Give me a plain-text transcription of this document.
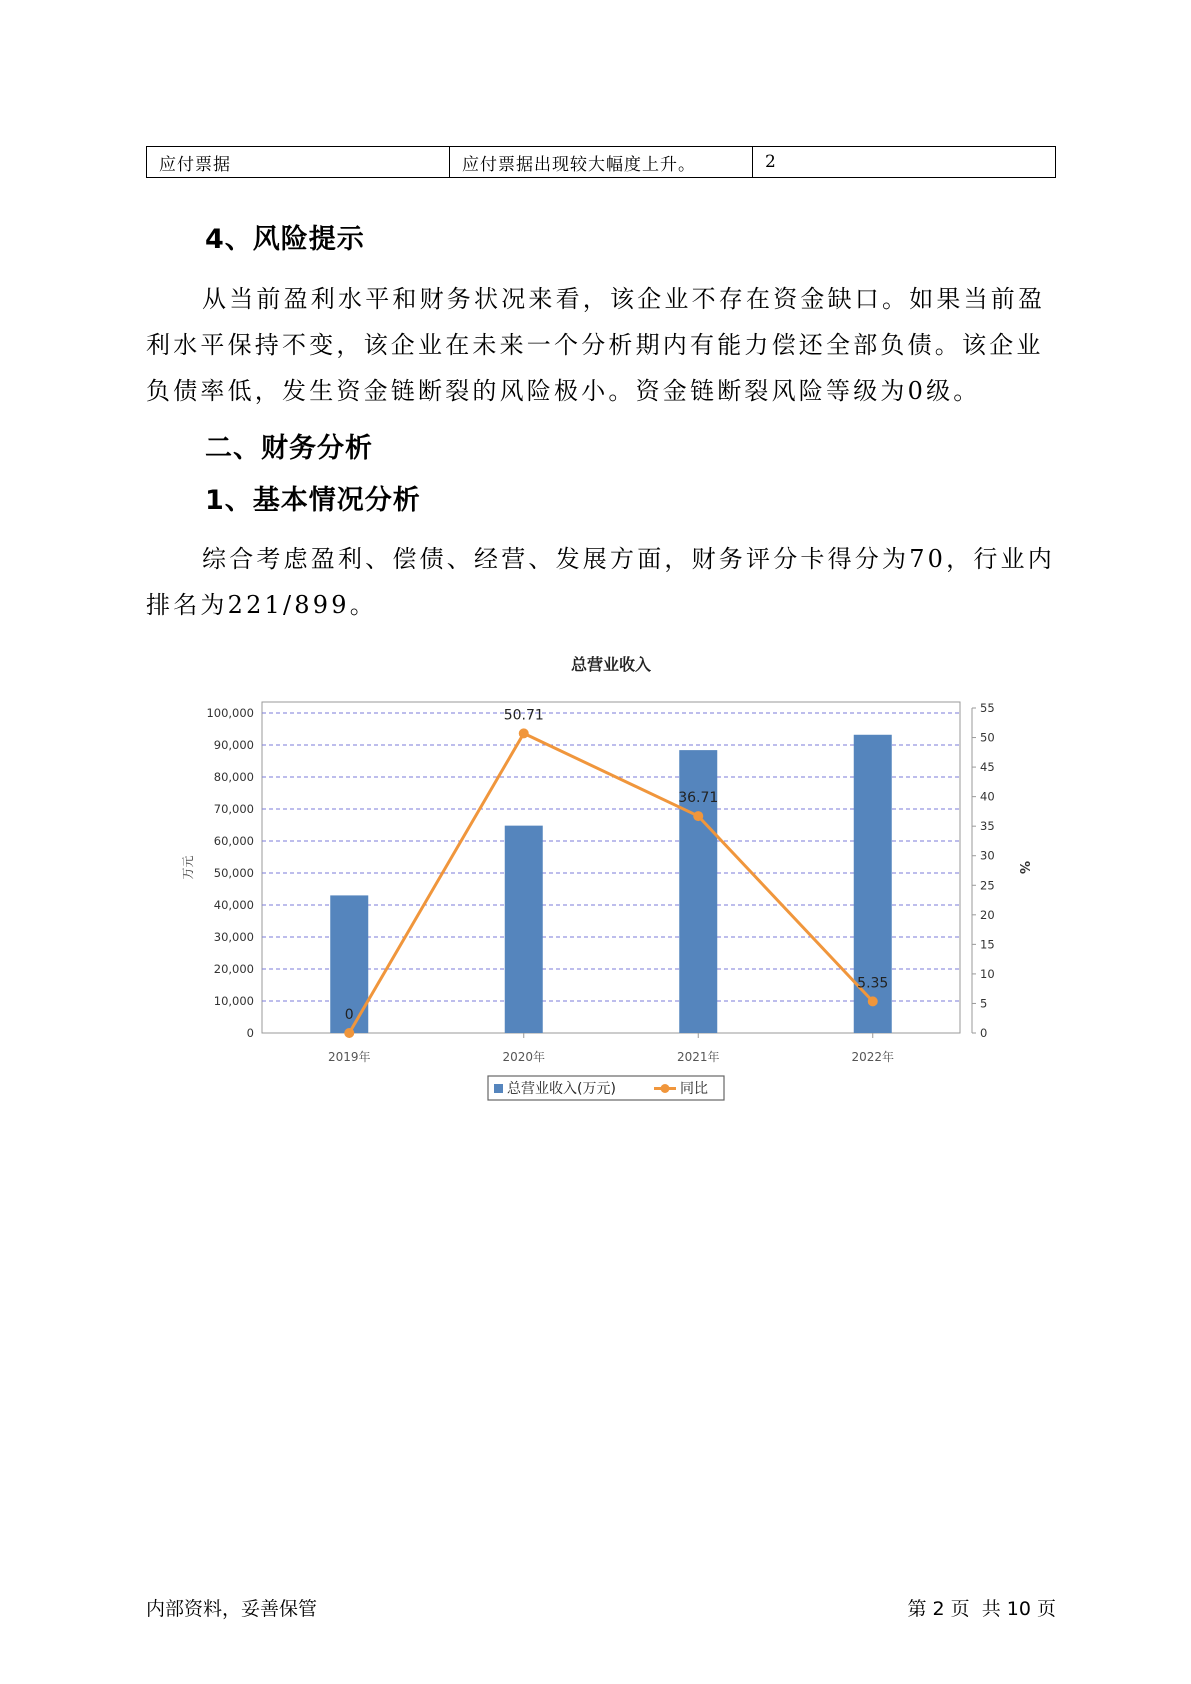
应付票据	应付票据出现较大幅度上升。	2
4、风险提示
从当前盈利水平和财务状况来看，该企业不存在资金缺口。如果当前盈利水平保持不变，该企业在未来一个分析期内有能力偿还全部负债。该企业负债率低，发生资金链断裂的风险极小。资金链断裂风险等级为0级。
二、财务分析
1、基本情况分析
综合考虑盈利、偿债、经营、发展方面，财务评分卡得分为70，行业内排名为221/899。
总营业收入
0
10,000
20,000
30,000
40,000
50,000
60,000
70,000
80,000
90,000
100,000
0
5
10
15
20
25
30
35
40
45
50
55
万元	%
2019年	2020年	2021年	2022年
0
50.71
36.71
5.35
总营业收入(万元)	同比
内部资料，妥善保管	第 2 页  共 10 页
